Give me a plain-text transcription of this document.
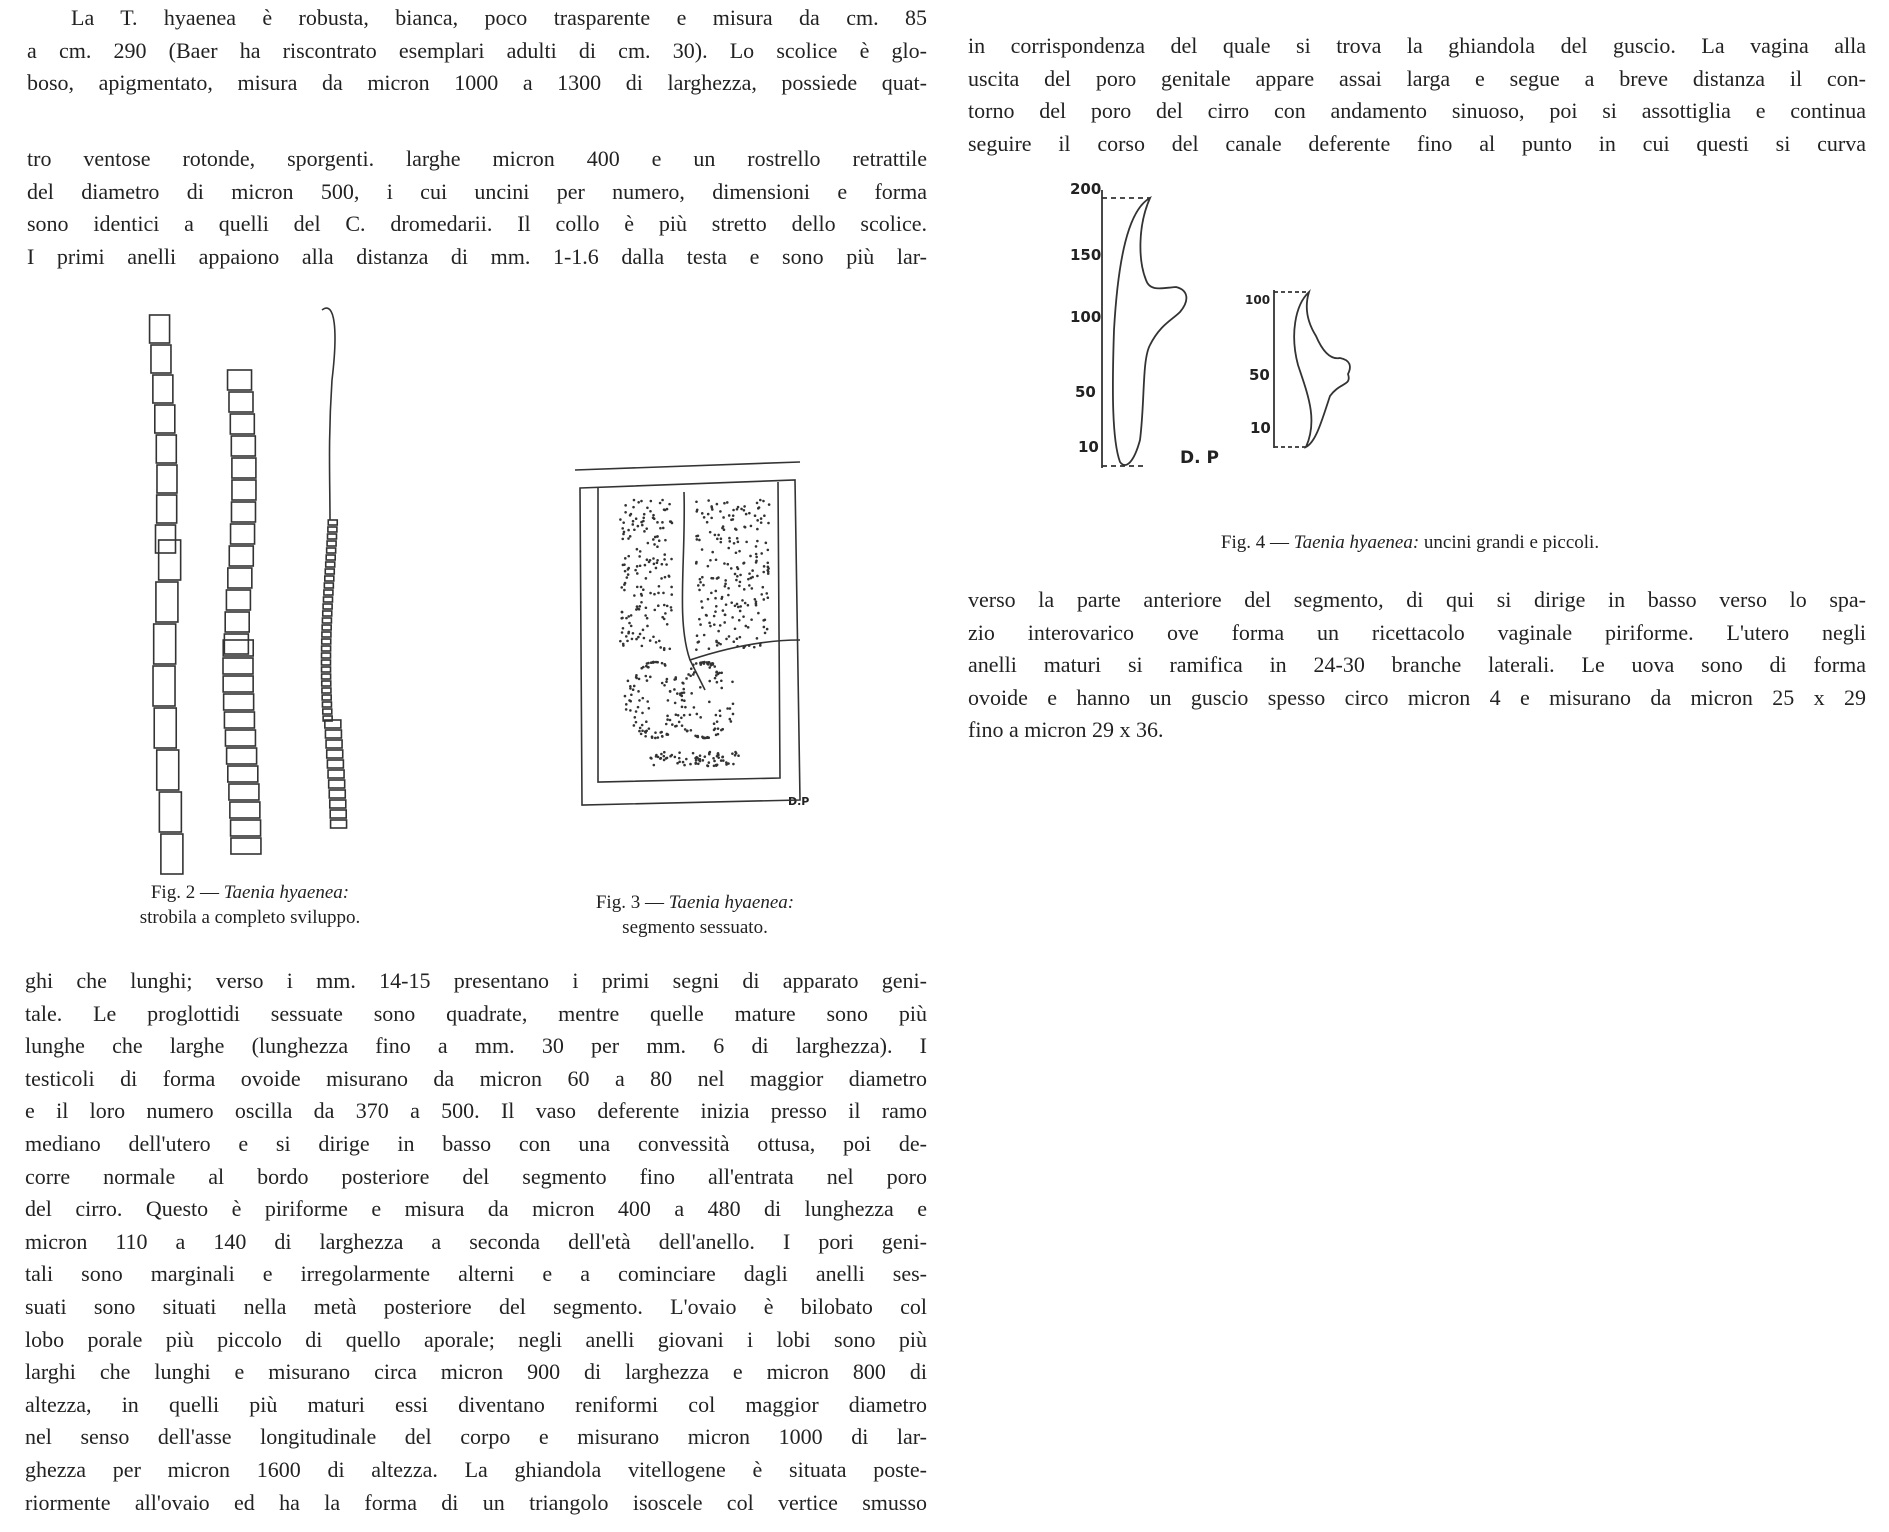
La T. hyaenea è robusta, bianca, poco trasparente e misura da cm. 85
a cm. 290 (Baer ha riscontrato esemplari adulti di cm. 30). Lo scolice è glo-
boso, apigmentato, misura da micron 1000 a 1300 di larghezza, possiede quat-
tro ventose rotonde, sporgenti. larghe micron 400 e un rostrello retrattile
del diametro di micron 500, i cui uncini per numero, dimensioni e forma
sono identici a quelli del C. dromedarii. Il collo è più stretto dello scolice.
I primi anelli appaiono alla distanza di mm. 1-1.6 dalla testa e sono più lar-
ghi che lunghi; verso i mm. 14-15 presentano i primi segni di apparato geni-
tale. Le proglottidi sessuate sono quadrate, mentre quelle mature sono più
lunghe che larghe (lunghezza fino a mm. 30 per mm. 6 di larghezza). I
testicoli di forma ovoide misurano da micron 60 a 80 nel maggior diametro
e il loro numero oscilla da 370 a 500. Il vaso deferente inizia presso il ramo
mediano dell'utero e si dirige in basso con una convessità ottusa, poi de-
corre normale al bordo posteriore del segmento fino all'entrata nel poro
del cirro. Questo è piriforme e misura da micron 400 a 480 di lunghezza e
micron 110 a 140 di larghezza a seconda dell'età dell'anello. I pori geni-
tali sono marginali e irregolarmente alterni e a cominciare dagli anelli ses-
suati sono situati nella metà posteriore del segmento. L'ovaio è bilobato col
lobo porale più piccolo di quello aporale; negli anelli giovani i lobi sono più
larghi che lunghi e misurano circa micron 900 di larghezza e micron 800 di
altezza, in quelli più maturi essi diventano reniformi col maggior diametro
nel senso dell'asse longitudinale del corpo e misurano micron 1000 di lar-
ghezza per micron 1600 di altezza. La ghiandola vitellogene è situata poste-
riormente all'ovaio ed ha la forma di un triangolo isoscele col vertice smusso
Fig. 2 — Taenia hyaenea:
strobila a completo sviluppo.
Fig. 3 — Taenia hyaenea:
segmento sessuato.
D.P
in corrispondenza del quale si trova la ghiandola del guscio. La vagina alla
uscita del poro genitale appare assai larga e segue a breve distanza il con-
torno del poro del cirro con andamento sinuoso, poi si assottiglia e continua
seguire il corso del canale deferente fino al punto in cui questi si curva
verso la parte anteriore del segmento, di qui si dirige in basso verso lo spa-
zio interovarico ove forma un ricettacolo vaginale piriforme. L'utero negli
anelli maturi si ramifica in 24-30 branche laterali. Le uova sono di forma
ovoide e hanno un guscio spesso circo micron 4 e misurano da micron 25 x 29
fino a micron 29 x 36.
200
150
100
50
10
100
50
10
D. P
Fig. 4 — Taenia hyaenea: uncini grandi e piccoli.
